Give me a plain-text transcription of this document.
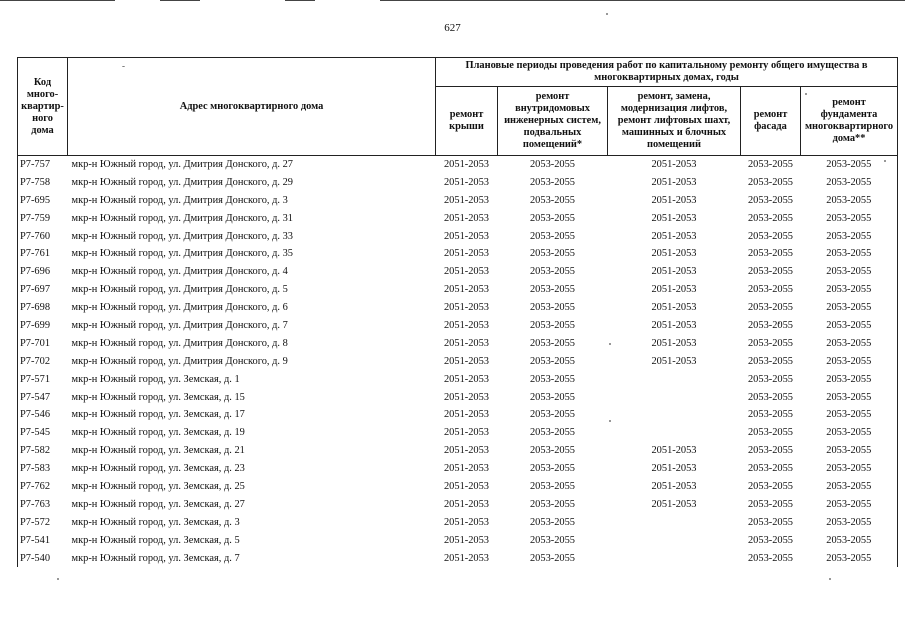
627
Код
много-
квартир-
ного
дома	Адрес многоквартирного дома	Плановые периоды проведения работ по капитальному ремонту общего имущества в многоквартирных домах, годы				
		ремонт крыши	ремонт внутридомовых инженерных систем, подвальных помещений*	ремонт, замена, модернизация лифтов, ремонт лифтовых шахт, машинных и блочных помещений	ремонт фасада	ремонт фундамента многоквартирного дома**
Р7-757	мкр-н Южный город, ул. Дмитрия Донского, д. 27	2051-2053	2053-2055	2051-2053	2053-2055	2053-2055
Р7-758	мкр-н Южный город, ул. Дмитрия Донского, д. 29	2051-2053	2053-2055	2051-2053	2053-2055	2053-2055
Р7-695	мкр-н Южный город, ул. Дмитрия Донского, д. 3	2051-2053	2053-2055	2051-2053	2053-2055	2053-2055
Р7-759	мкр-н Южный город, ул. Дмитрия Донского, д. 31	2051-2053	2053-2055	2051-2053	2053-2055	2053-2055
Р7-760	мкр-н Южный город, ул. Дмитрия Донского, д. 33	2051-2053	2053-2055	2051-2053	2053-2055	2053-2055
Р7-761	мкр-н Южный город, ул. Дмитрия Донского, д. 35	2051-2053	2053-2055	2051-2053	2053-2055	2053-2055
Р7-696	мкр-н Южный город, ул. Дмитрия Донского, д. 4	2051-2053	2053-2055	2051-2053	2053-2055	2053-2055
Р7-697	мкр-н Южный город, ул. Дмитрия Донского, д. 5	2051-2053	2053-2055	2051-2053	2053-2055	2053-2055
Р7-698	мкр-н Южный город, ул. Дмитрия Донского, д. 6	2051-2053	2053-2055	2051-2053	2053-2055	2053-2055
Р7-699	мкр-н Южный город, ул. Дмитрия Донского, д. 7	2051-2053	2053-2055	2051-2053	2053-2055	2053-2055
Р7-701	мкр-н Южный город, ул. Дмитрия Донского, д. 8	2051-2053	2053-2055	2051-2053	2053-2055	2053-2055
Р7-702	мкр-н Южный город, ул. Дмитрия Донского, д. 9	2051-2053	2053-2055	2051-2053	2053-2055	2053-2055
Р7-571	мкр-н Южный город, ул. Земская, д. 1	2051-2053	2053-2055		2053-2055	2053-2055
Р7-547	мкр-н Южный город, ул. Земская, д. 15	2051-2053	2053-2055		2053-2055	2053-2055
Р7-546	мкр-н Южный город, ул. Земская, д. 17	2051-2053	2053-2055		2053-2055	2053-2055
Р7-545	мкр-н Южный город, ул. Земская, д. 19	2051-2053	2053-2055		2053-2055	2053-2055
Р7-582	мкр-н Южный город, ул. Земская, д. 21	2051-2053	2053-2055	2051-2053	2053-2055	2053-2055
Р7-583	мкр-н Южный город, ул. Земская, д. 23	2051-2053	2053-2055	2051-2053	2053-2055	2053-2055
Р7-762	мкр-н Южный город, ул. Земская, д. 25	2051-2053	2053-2055	2051-2053	2053-2055	2053-2055
Р7-763	мкр-н Южный город, ул. Земская, д. 27	2051-2053	2053-2055	2051-2053	2053-2055	2053-2055
Р7-572	мкр-н Южный город, ул. Земская, д. 3	2051-2053	2053-2055		2053-2055	2053-2055
Р7-541	мкр-н Южный город, ул. Земская, д. 5	2051-2053	2053-2055		2053-2055	2053-2055
Р7-540	мкр-н Южный город, ул. Земская, д. 7	2051-2053	2053-2055		2053-2055	2053-2055
